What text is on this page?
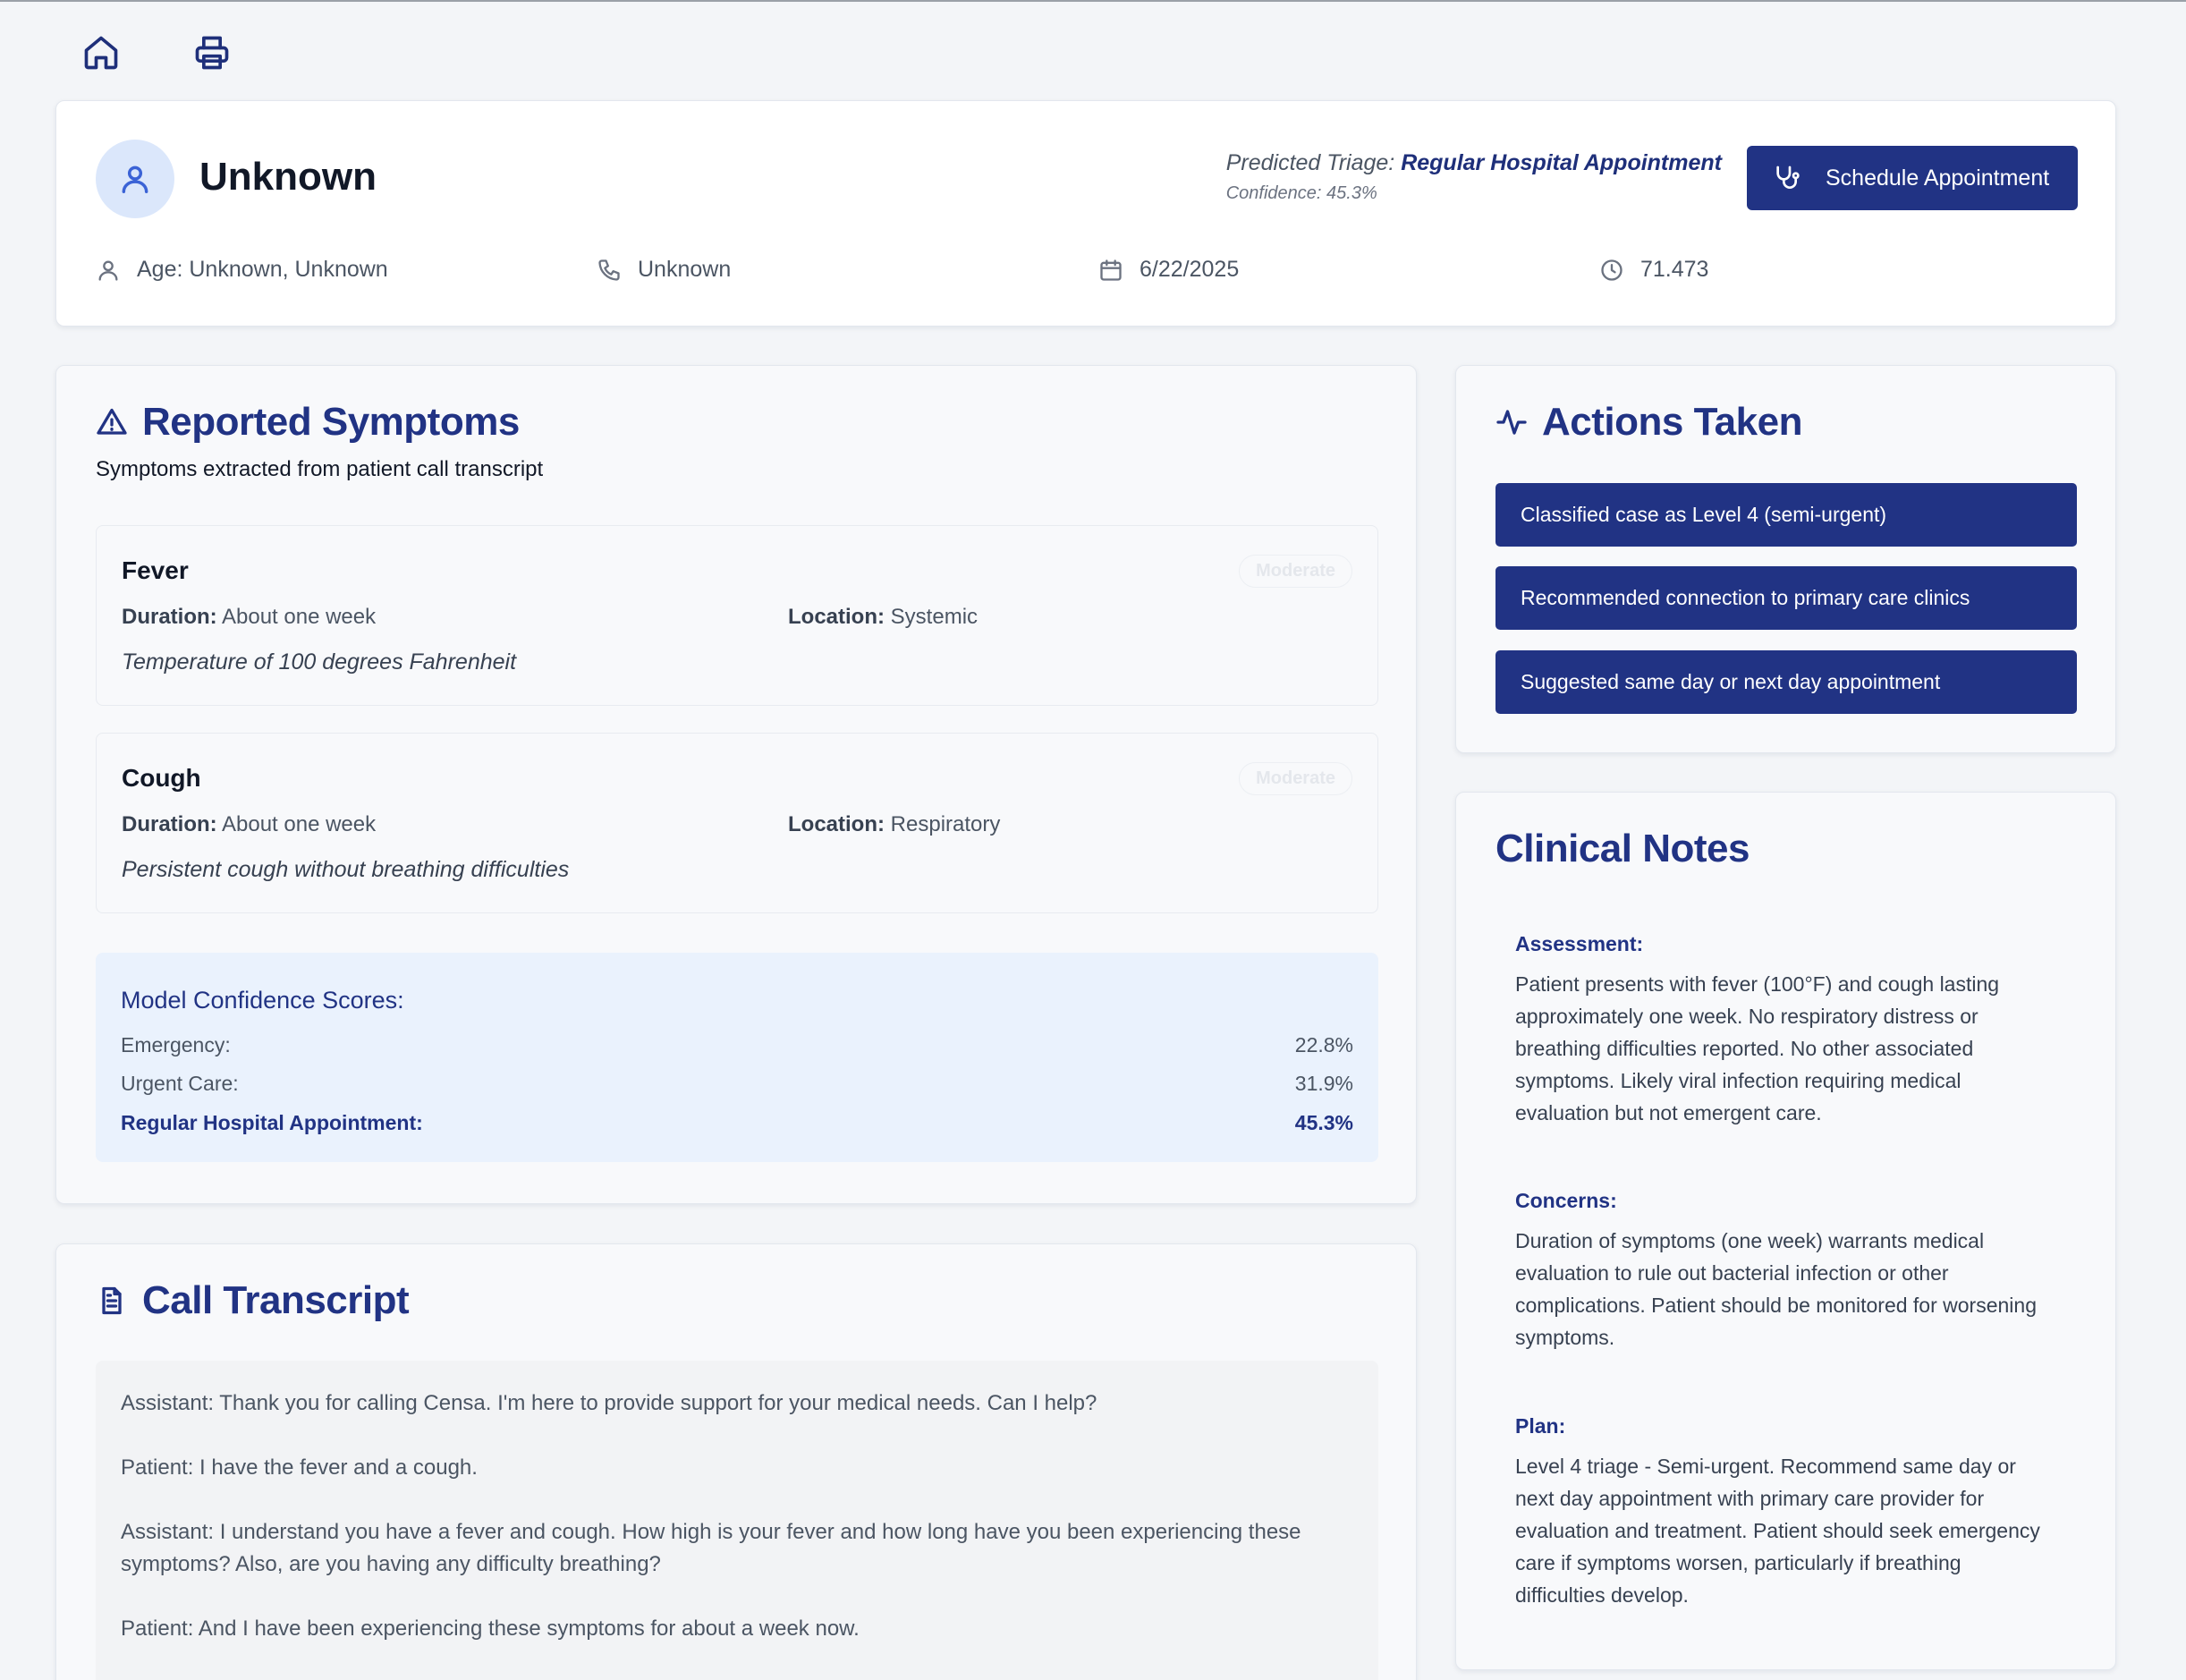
Unknown	Predicted Triage: Regular Hospital Appointment
Confidence: 45.3%
Schedule Appointment
Age: Unknown, Unknown	Unknown	6/22/2025	71.473
Reported Symptoms
Symptoms extracted from patient call transcript
Fever	Moderate
Duration: About one week	Location: Systemic
Temperature of 100 degrees Fahrenheit
Cough	Moderate
Duration: About one week	Location: Respiratory
Persistent cough without breathing difficulties
Model Confidence Scores:
Emergency:	22.8%
Urgent Care:	31.9%
Regular Hospital Appointment:	45.3%
Actions Taken
Classified case as Level 4 (semi-urgent)
Recommended connection to primary care clinics
Suggested same day or next day appointment
Clinical Notes
Assessment:
Patient presents with fever (100°F) and cough lasting approximately one week. No respiratory distress or breathing difficulties reported. No other associated symptoms. Likely viral infection requiring medical evaluation but not emergent care.
Concerns:
Duration of symptoms (one week) warrants medical evaluation to rule out bacterial infection or other complications. Patient should be monitored for worsening symptoms.
Plan:
Level 4 triage - Semi-urgent. Recommend same day or next day appointment with primary care provider for evaluation and treatment. Patient should seek emergency care if symptoms worsen, particularly if breathing difficulties develop.
Call Transcript
Assistant: Thank you for calling Censa. I'm here to provide support for your medical needs. Can I help?
Patient: I have the fever and a cough.
Assistant: I understand you have a fever and cough. How high is your fever and how long have you been experiencing these symptoms? Also, are you having any difficulty breathing?
Patient: And I have been experiencing these symptoms for about a week now.
